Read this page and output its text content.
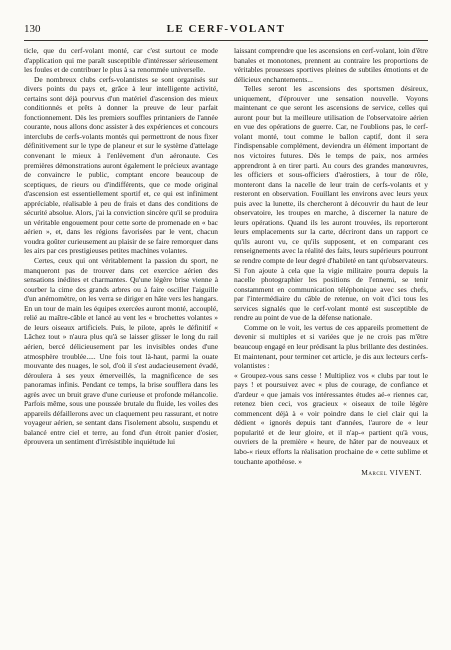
130	LE CERF-VOLANT

ticle, que du cerf-volant monté, car c'est surtout ce mode d'application qui me paraît susceptible d'intéresser sérieusement les foules et de contribuer le plus à sa renommée universelle.

De nombreux clubs cerfs-volantistes se sont organisés sur divers points du pays et, grâce à leur intelligente activité, certains sont déjà pourvus d'un matériel d'ascension des mieux conditionnés et prêts à donner la preuve de leur parfait fonctionnement. Dès les premiers souffles printaniers de l'année courante, nous allons donc assister à des expériences et concours interclubs de cerfs-volants montés qui permettront de nous fixer définitivement sur le type de planeur et sur le système d'attelage convenant le mieux à l'enlèvement d'un aéronaute. Ces premières démonstrations auront également le précieux avantage de convaincre le public, comptant encore beaucoup de sceptiques, de rieurs ou d'indifférents, que ce mode original d'ascension est essentiellement sportif et, ce qui est infiniment appréciable, réalisable à peu de frais et dans des conditions de sécurité absolue. Alors, j'ai la conviction sincère qu'il se produira un véritable engouement pour cette sorte de promenade en « bac aérien », et, dans les régions favorisées par le vent, chacun voudra goûter curieusement au plaisir de se faire remorquer dans les airs par ces prestigieuses petites machines volantes.

Certes, ceux qui ont véritablement la passion du sport, ne manqueront pas de trouver dans cet exercice aérien des sensations inédites et charmantes. Qu'une légère brise vienne à courber la cime des grands arbres ou à faire osciller l'aiguille d'un anémomètre, on les verra se diriger en hâte vers les hangars. En un tour de main les équipes exercées auront monté, accouplé, relié au maître-câble et lancé au vent les « brochettes volantes » de leurs oiseaux artificiels. Puis, le pilote, après le définitif « Lâchez tout » n'aura plus qu'à se laisser glisser le long du rail aérien, bercé délicieusement par les invisibles ondes d'une atmosphère troublée..... Une fois tout là-haut, parmi la ouate mouvante des nuages, le sol, d'où il s'est audacieusement évadé, déroulera à ses yeux émerveillés, la magnificence de ses panoramas infinis. Pendant ce temps, la brise soufflera dans les agrès avec un bruit grave d'une curieuse et profonde mélancolie. Parfois même, sous une poussée brutale du fluide, les voiles des appareils défaillerons avec un claquement peu rassurant, et notre voyageur aérien, se sentant dans l'isolement absolu, suspendu et balancé entre ciel et terre, au fond d'un étroit panier d'osier, éprouvera un sentiment d'irrésistible inquiétude lui

laissant comprendre que les ascensions en cerf-volant, loin d'être banales et monotones, prennent au contraire les proportions de véritables prouesses sportives pleines de subtiles émotions et de délicieux enchantements...

Telles seront les ascensions des sportsmen désireux, uniquement, d'éprouver une sensation nouvelle. Voyons maintenant ce que seront les ascensions de service, celles qui auront pour but la meilleure utilisation de l'observatoire aérien en vue des opérations de guerre. Car, ne l'oublions pas, le cerf-volant monté, tout comme le ballon captif, dont il sera l'indispensable complément, deviendra un élément important de nos victoires futures. Dès le temps de paix, nos armées apprendront à en tirer parti. Au cours des grandes manœuvres, les officiers et sous-officiers d'aérostiers, à tour de rôle, monteront dans la nacelle de leur train de cerfs-volants et y resteront en observation. Fouillant les environs avec leurs yeux puis avec la lunette, ils chercheront à découvrir du haut de leur observatoire, les troupes en marche, à discerner la nature de leurs opérations. Quand ils les auront trouvées, ils reporteront leurs emplacements sur la carte, décriront dans un rapport ce qu'ils auront vu, ce qu'ils supposent, et en comparant ces renseignements avec la réalité des faits, leurs supérieurs pourront se rendre compte de leur degré d'habileté en tant qu'observateurs. Si l'on ajoute à cela que la vigie militaire pourra depuis la nacelle photographier les positions de l'ennemi, se tenir constamment en communication téléphonique avec ses chefs, par l'intermédiaire du câble de retenue, on voit d'ici tous les services signalés que le cerf-volant monté est susceptible de rendre au point de vue de la défense nationale.

Comme on le voit, les vertus de ces appareils promettent de devenir si multiples et si variées que je ne crois pas m'être beaucoup engagé en leur prédisant la plus brillante des destinées. Et maintenant, pour terminer cet article, je dis aux lecteurs cerfs-volantistes :

« Groupez-vous sans cesse ! Multipliez vos « clubs par tout le pays ! et poursuivez avec « plus de courage, de confiance et d'ardeur « que jamais vos intéressantes études aé-« riennes car, retenez bien ceci, vos gracieux « oiseaux de toile légère commencent déjà à « voir poindre dans le ciel clair qui la dédient « ignorés depuis tant d'années, l'aurore de « leur popularité et de leur gloire, et il n'ap-« partient qu'à vous, ouvriers de la première « heure, de hâter par de nouveaux et labo-« rieux efforts la réalisation prochaine de « cette sublime et touchante apothéose. »

Marcel VIVENT.
